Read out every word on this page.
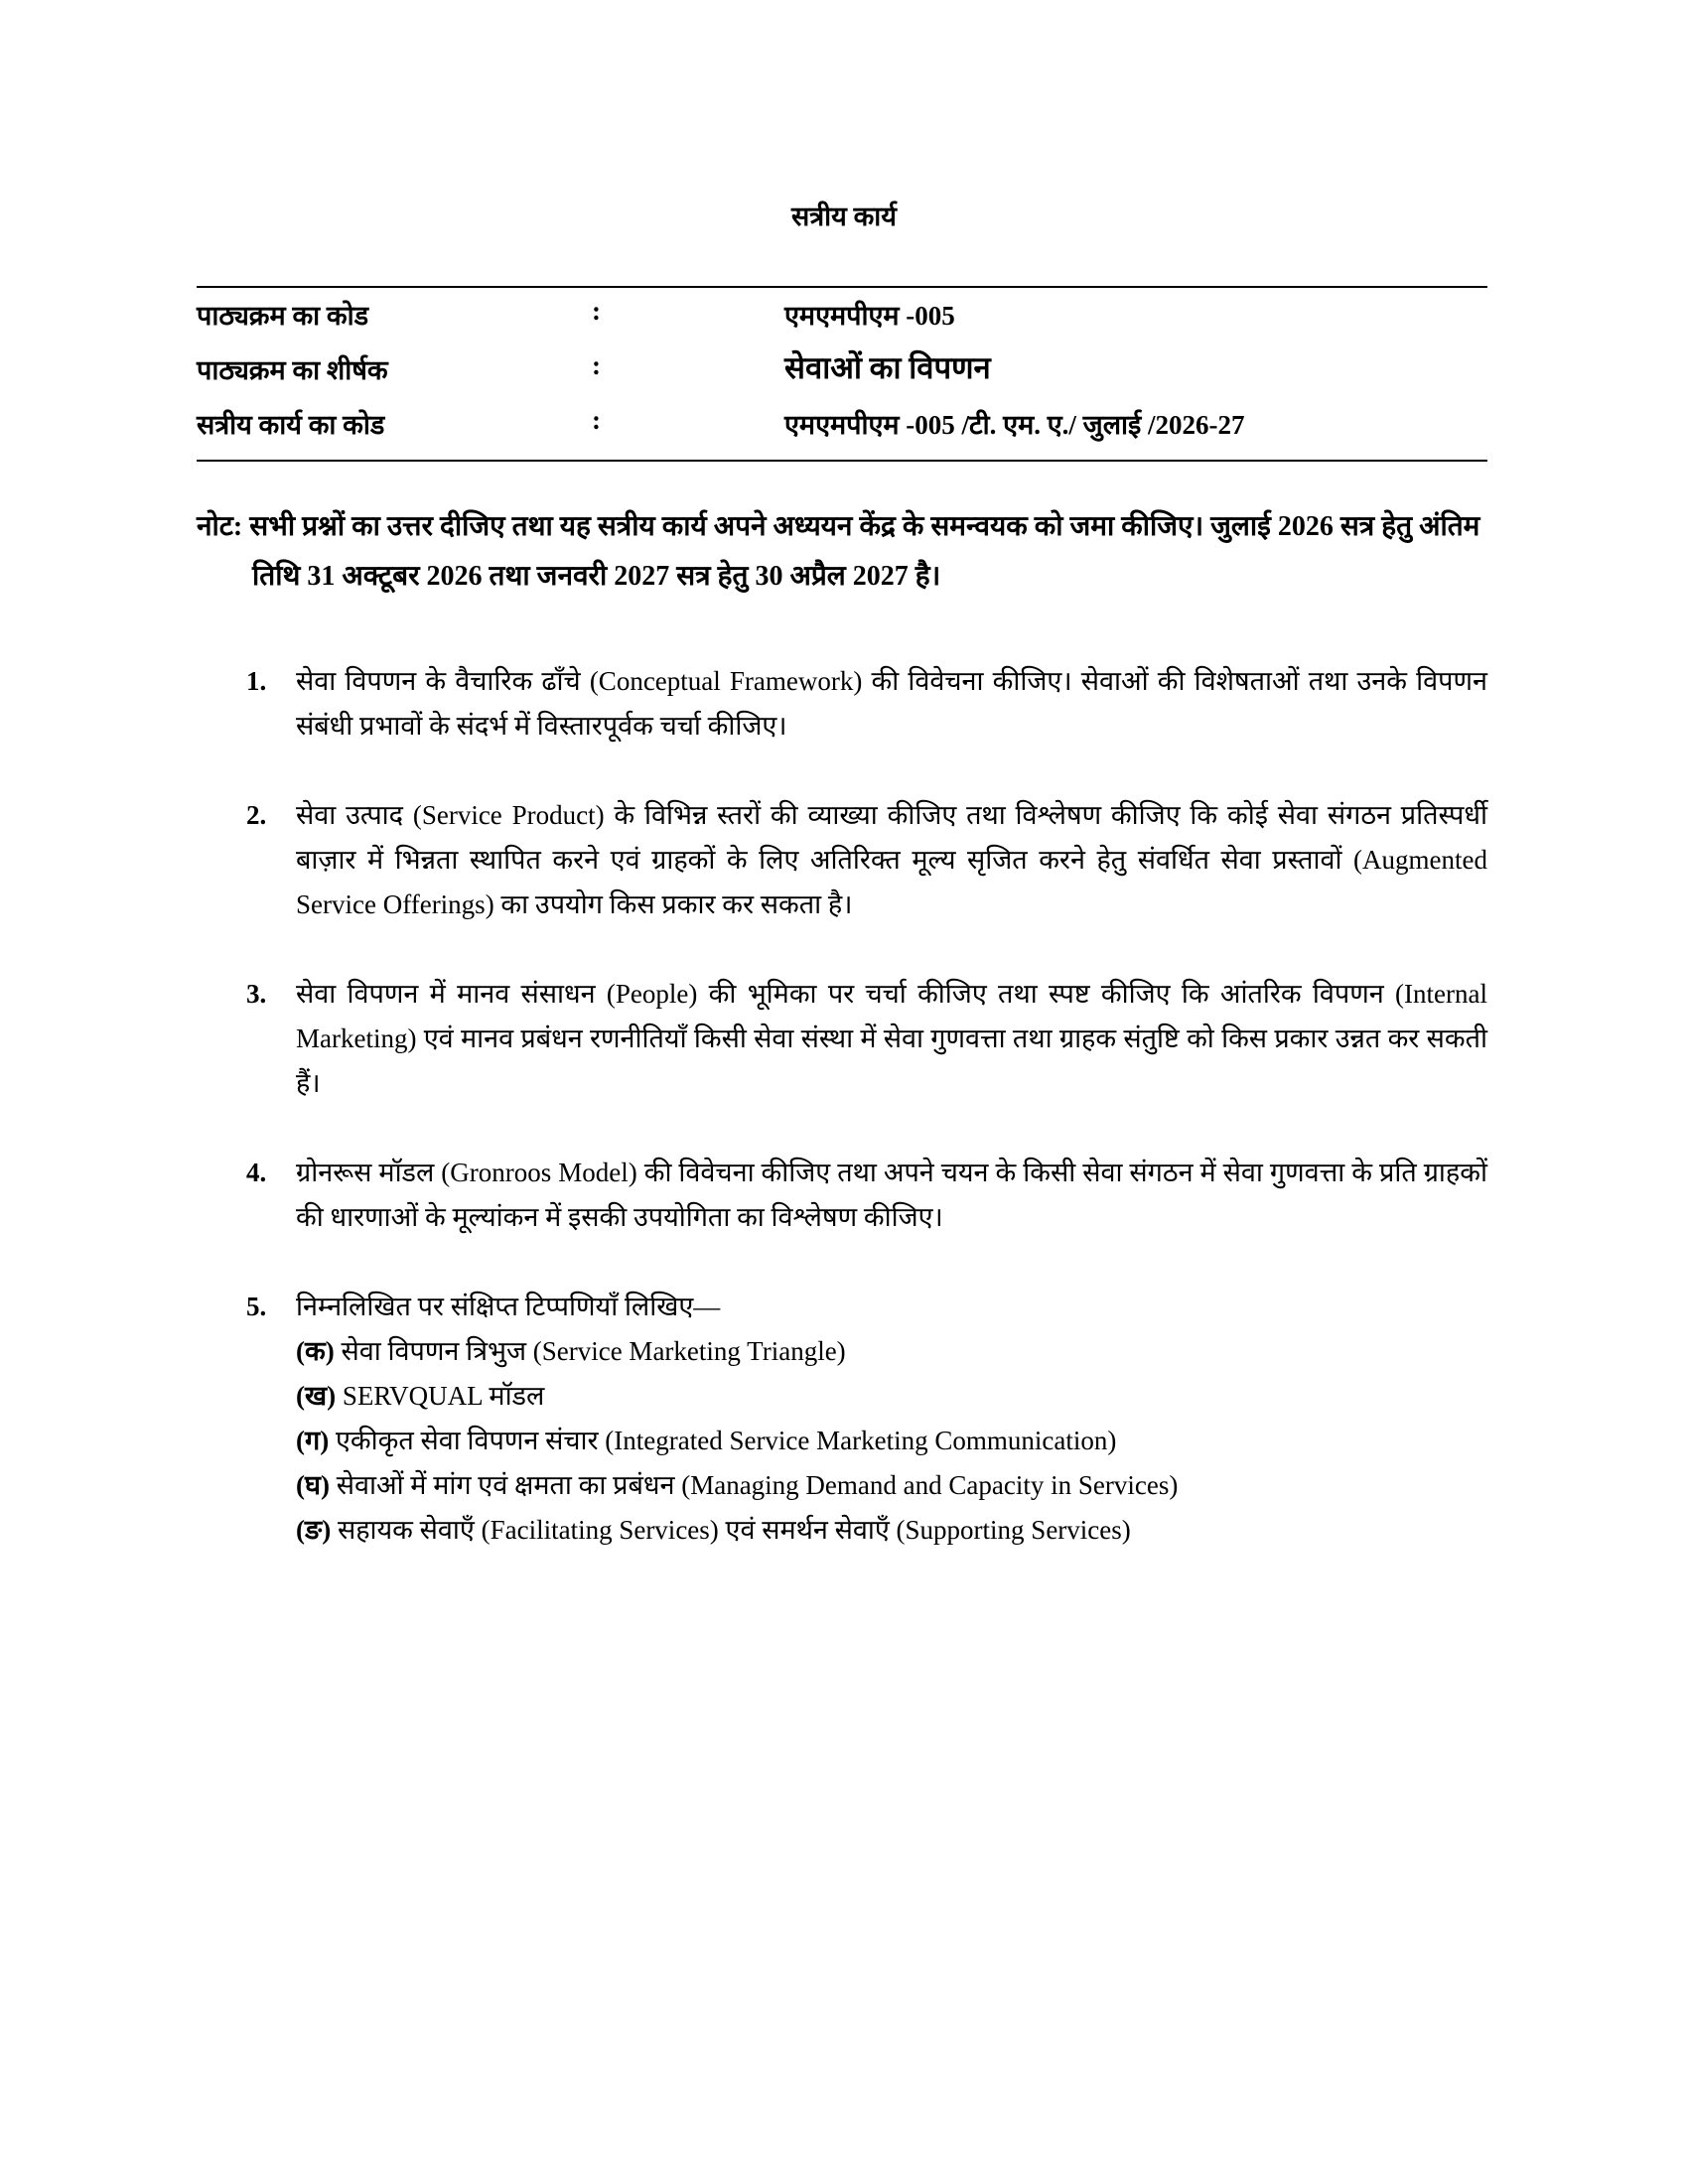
सत्रीय कार्य
पाठ्यक्रम का कोड	:	एमएमपीएम -005
पाठ्यक्रम का शीर्षक	:	सेवाओं का विपणन
सत्रीय कार्य का कोड	:	एमएमपीएम -005 /टी. एम. ए./ जुलाई /2026-27
नोट: सभी प्रश्नों का उत्तर दीजिए तथा यह सत्रीय कार्य अपने अध्ययन केंद्र के समन्वयक को जमा कीजिए। जुलाई 2026 सत्र हेतु अंतिम तिथि 31 अक्टूबर 2026 तथा जनवरी 2027 सत्र हेतु 30 अप्रैल 2027 है।
1. सेवा विपणन के वैचारिक ढाँचे (Conceptual Framework) की विवेचना कीजिए। सेवाओं की विशेषताओं तथा उनके विपणन संबंधी प्रभावों के संदर्भ में विस्तारपूर्वक चर्चा कीजिए।
2. सेवा उत्पाद (Service Product) के विभिन्न स्तरों की व्याख्या कीजिए तथा विश्लेषण कीजिए कि कोई सेवा संगठन प्रतिस्पर्धी बाज़ार में भिन्नता स्थापित करने एवं ग्राहकों के लिए अतिरिक्त मूल्य सृजित करने हेतु संवर्धित सेवा प्रस्तावों (Augmented Service Offerings) का उपयोग किस प्रकार कर सकता है।
3. सेवा विपणन में मानव संसाधन (People) की भूमिका पर चर्चा कीजिए तथा स्पष्ट कीजिए कि आंतरिक विपणन (Internal Marketing) एवं मानव प्रबंधन रणनीतियाँ किसी सेवा संस्था में सेवा गुणवत्ता तथा ग्राहक संतुष्टि को किस प्रकार उन्नत कर सकती हैं।
4. ग्रोनरूस मॉडल (Gronroos Model) की विवेचना कीजिए तथा अपने चयन के किसी सेवा संगठन में सेवा गुणवत्ता के प्रति ग्राहकों की धारणाओं के मूल्यांकन में इसकी उपयोगिता का विश्लेषण कीजिए।
5. निम्नलिखित पर संक्षिप्त टिप्पणियाँ लिखिए—
(क) सेवा विपणन त्रिभुज (Service Marketing Triangle)
(ख) SERVQUAL मॉडल
(ग) एकीकृत सेवा विपणन संचार (Integrated Service Marketing Communication)
(घ) सेवाओं में मांग एवं क्षमता का प्रबंधन (Managing Demand and Capacity in Services)
(ङ) सहायक सेवाएँ (Facilitating Services) एवं समर्थन सेवाएँ (Supporting Services)
